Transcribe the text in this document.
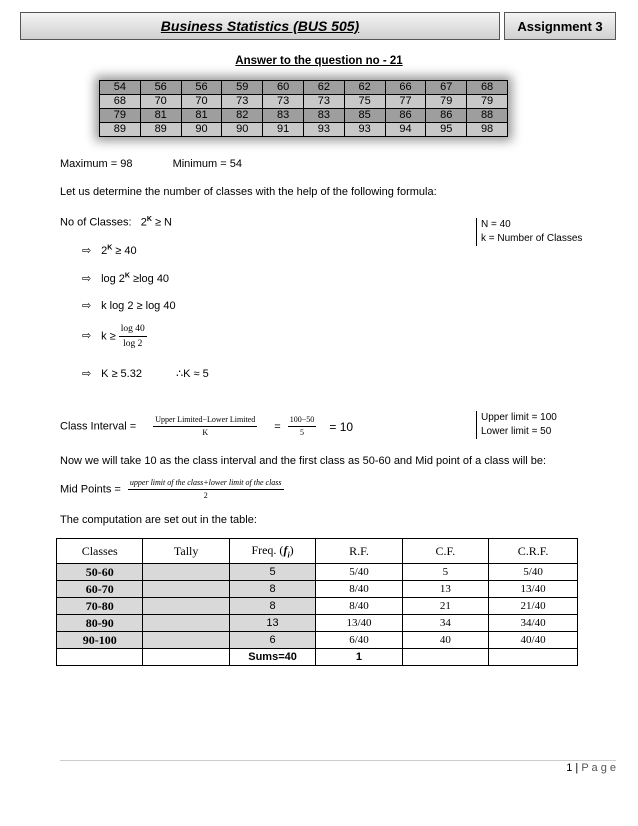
Business Statistics (BUS 505)	Assignment 3
Answer to the question no - 21
54	56	56	59	60	62	62	66	67	68
68	70	70	73	73	73	75	77	79	79
79	81	81	82	83	83	85	86	86	88
89	89	90	90	91	93	93	94	95	98
Maximum = 98	Minimum = 54
Let us determine the number of classes with the help of the following formula:
No of Classes: $2^K \ge N$	N = 40
k = Number of Classes
⇨ $2^K \ge 40$
⇨ $\log 2^K \ge\log$ 40
⇨ k log 2 ≥ log 40
⇨ $k \ge \frac{\log 40}{\log 2}$
⇨ K ≥ 5.32	∴K ≈ 5
Class Interval = $\frac{\text{Upper Limited−Lower Limited}}{K} = \frac{100-50}{5} = 10$
Upper limit = 100
Lower limit = 50
Now we will take 10 as the class interval and the first class as 50-60 and Mid point of a class will be:
Mid Points = $\frac{\text{upper limit of the class+lower limit of the class}}{2}$
The computation are set out in the table:
Classes	Tally	Freq. $(f_i)$	R.F.	C.F.	C.R.F.
50-60		5	5/40	5	5/40
60-70		8	8/40	13	13/40
70-80		8	8/40	21	21/40
80-90		13	13/40	34	34/40
90-100		6	6/40	40	40/40
		Sums=40	1		
1 | P a g e
